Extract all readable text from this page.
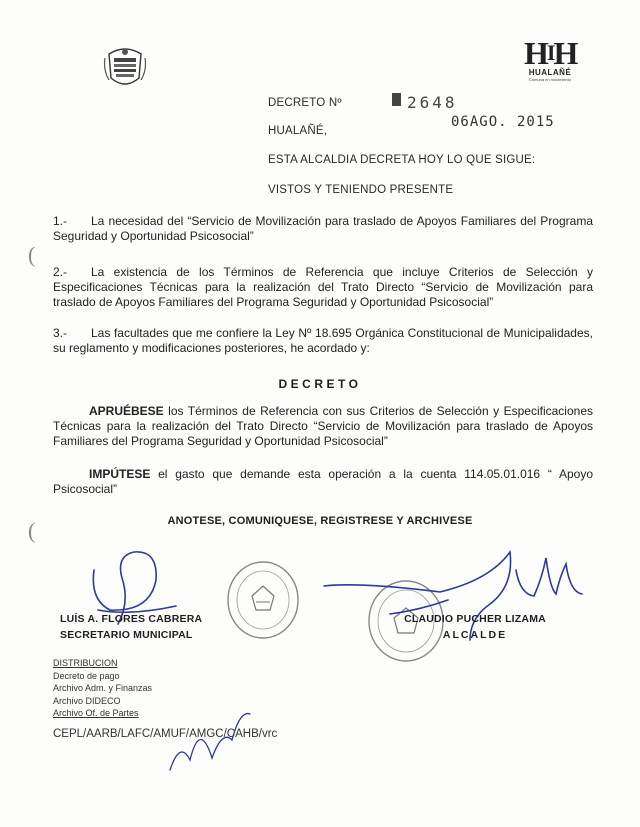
$H^IH$
HUALAÑÉ
Comuna en movimiento
DECRETO Nº	2648
06AGO. 2015
HUALAÑÉ,
ESTA ALCALDIA DECRETA HOY LO QUE SIGUE:
VISTOS Y TENIENDO PRESENTE
1.- La necesidad del “Servicio de Movilización para traslado de Apoyos Familiares del Programa Seguridad y Oportunidad Psicosocial”
2.- La existencia de los Términos de Referencia que incluye Criterios de Selección y Especificaciones Técnicas para la realización del Trato Directo “Servicio de Movilización para traslado de Apoyos Familiares del Programa Seguridad y Oportunidad Psicosocial”
3.- Las facultades que me confiere la Ley Nº 18.695 Orgánica Constitucional de Municipalidades, su reglamento y modificaciones posteriores, he acordado y:
DECRETO
APRUÉBESE los Términos de Referencia con sus Criterios de Selección y Especificaciones Técnicas para la realización del Trato Directo “Servicio de Movilización para traslado de Apoyos Familiares del Programa Seguridad y Oportunidad Psicosocial”
IMPÚTESE el gasto que demande esta operación a la cuenta 114.05.01.016 “ Apoyo Psicosocial”
ANOTESE, COMUNIQUESE, REGISTRESE Y ARCHIVESE
(
(
LUÍS A. FLORES CABRERA
SECRETARIO MUNICIPAL
CLAUDIO PUCHER LIZAMA
ALCALDE
DISTRIBUCION
Decreto de pago
Archivo Adm. y Finanzas
Archivo DIDECO
Archivo Of. de Partes
CEPL/AARB/LAFC/AMUF/AMGC/CAHB/vrc
